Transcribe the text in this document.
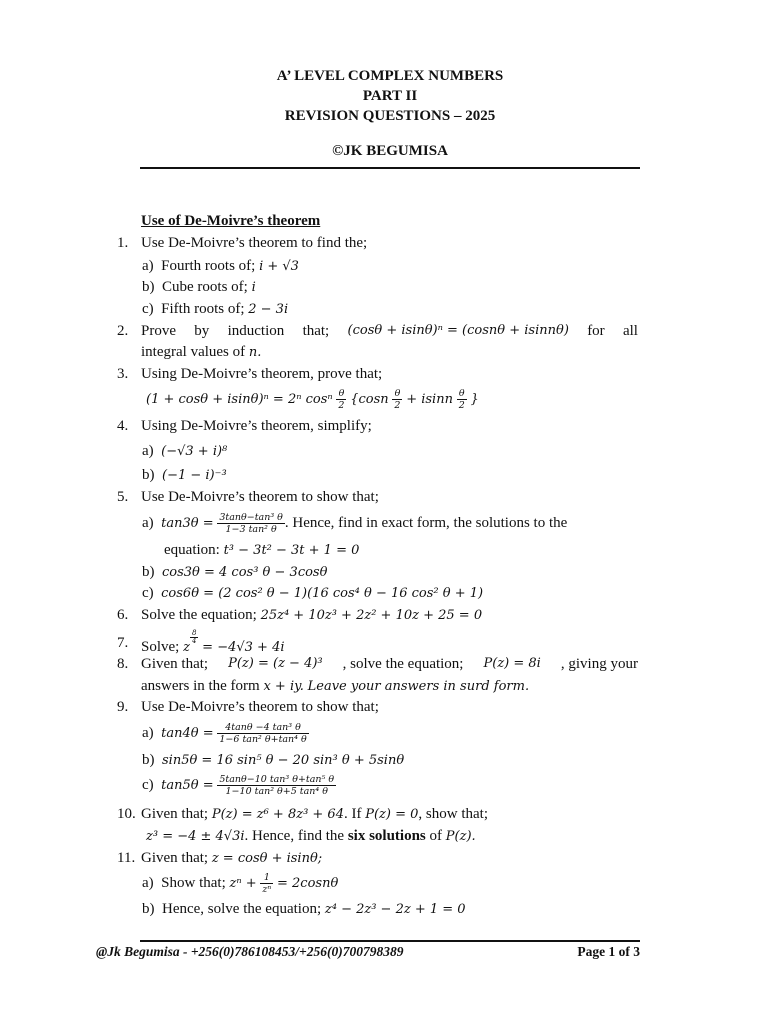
A’ LEVEL COMPLEX NUMBERS
PART II
REVISION QUESTIONS – 2025
©JK BEGUMISA
Use of De-Moivre’s theorem
1. Use De-Moivre’s theorem to find the;
a) Fourth roots of; i + √3
b) Cube roots of; i
c) Fifth roots of; 2 − 3i
2. Prove by induction that; (cosθ + isinθ)ⁿ = (cosnθ + isinnθ) for all
integral values of n.
3. Using De-Moivre’s theorem, prove that;
(1 + cosθ + isinθ)ⁿ = 2ⁿ cosⁿ $\frac{\theta}{2} \{\cos n \frac{\theta}{2} + isinn \frac{\theta}{2}$ }
4. Using De-Moivre’s theorem, simplify;
a) (−√3 + i)⁸
b) (−1 − i)⁻³
5. Use De-Moivre’s theorem to show that;
a) $\tan 3\theta = \frac{\text{3tanθ−tan³ θ}}{\text{1−3 tan² θ}}$ . Hence, find in exact form, the solutions to the
equation: t³ − 3t² − 3t + 1 = 0
b) cos3θ = 4 cos³ θ − 3cosθ
c) cos6θ = (2 cos² θ − 1)(16 cos⁴ θ − 16 cos² θ + 1)
6. Solve the equation; 25z⁴ + 10z³ + 2z² + 10z + 25 = 0
7. Solve; z
$\frac{8}{4}$
= −4√3 + 4i
8. Given that; P(z) = (z − 4)³ , solve the equation; P(z) = 8i , giving your
answers in the form x + iy. Leave your answers in surd form.
9. Use De-Moivre’s theorem to show that;
a) $\tan 4\theta = \frac{\text{4tanθ −4 tan³ θ}}{\text{1−6 tan² θ+tan⁴ θ}}$
b) sin5θ = 16 sin⁵ θ − 20 sin³ θ + 5sinθ
c) $\tan 5\theta = \frac{\text{5tanθ−10 tan³ θ+tan⁵ θ}}{\text{1−10 tan² θ+5 tan⁴ θ}}$
10. Given that; P(z) = z⁶ + 8z³ + 64. If P(z) = 0, show that;
z³ = −4 ± 4√3i. Hence, find the six solutions of P(z).
11. Given that; z = cosθ + isinθ;
a) Show that; $z^n + \frac{1}{\text{zⁿ}} = 2\cos n\theta$
b) Hence, solve the equation; z⁴ − 2z³ − 2z + 1 = 0
@Jk Begumisa - +256(0)786108453/+256(0)700798389	Page 1 of 3
